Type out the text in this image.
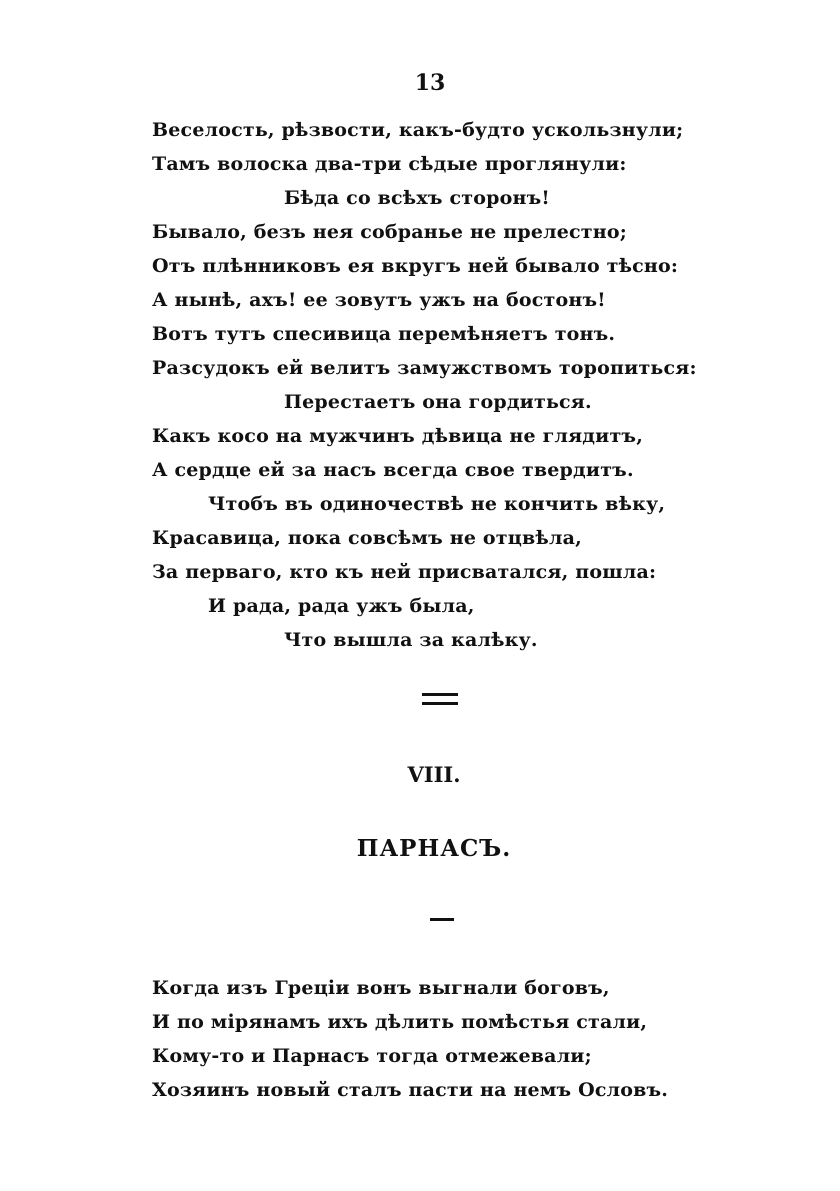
13
Веселость, рѣзвости, какъ-будто ускользнули;
Тамъ волоска два-три сѣдые проглянули:
Бѣда со всѣхъ сторонъ!
Бывало, безъ нея собранье не прелестно;
Отъ плѣнниковъ ея вкругъ ней бывало тѣсно:
А нынѣ, ахъ! ее зовутъ ужъ на бостонъ!
Вотъ тутъ спесивица перемѣняетъ тонъ.
Разсудокъ ей велитъ замужствомъ торопиться:
Перестаетъ она гордиться.
Какъ косо на мужчинъ дѣвица не глядитъ,
А сердце ей за насъ всегда свое твердитъ.
Чтобъ въ одиночествѣ не кончить вѣку,
Красавица, пока совсѣмъ не отцвѣла,
За перваго, кто къ ней присватался, пошла:
И рада, рада ужъ была,
Что вышла за калѣку.
VIII.
ПАРНАСЪ.
Когда изъ Греціи вонъ выгнали боговъ,
И по мірянамъ ихъ дѣлить помѣстья стали,
Кому-то и Парнасъ тогда отмежевали;
Хозяинъ новый сталъ пасти на немъ Ословъ.
